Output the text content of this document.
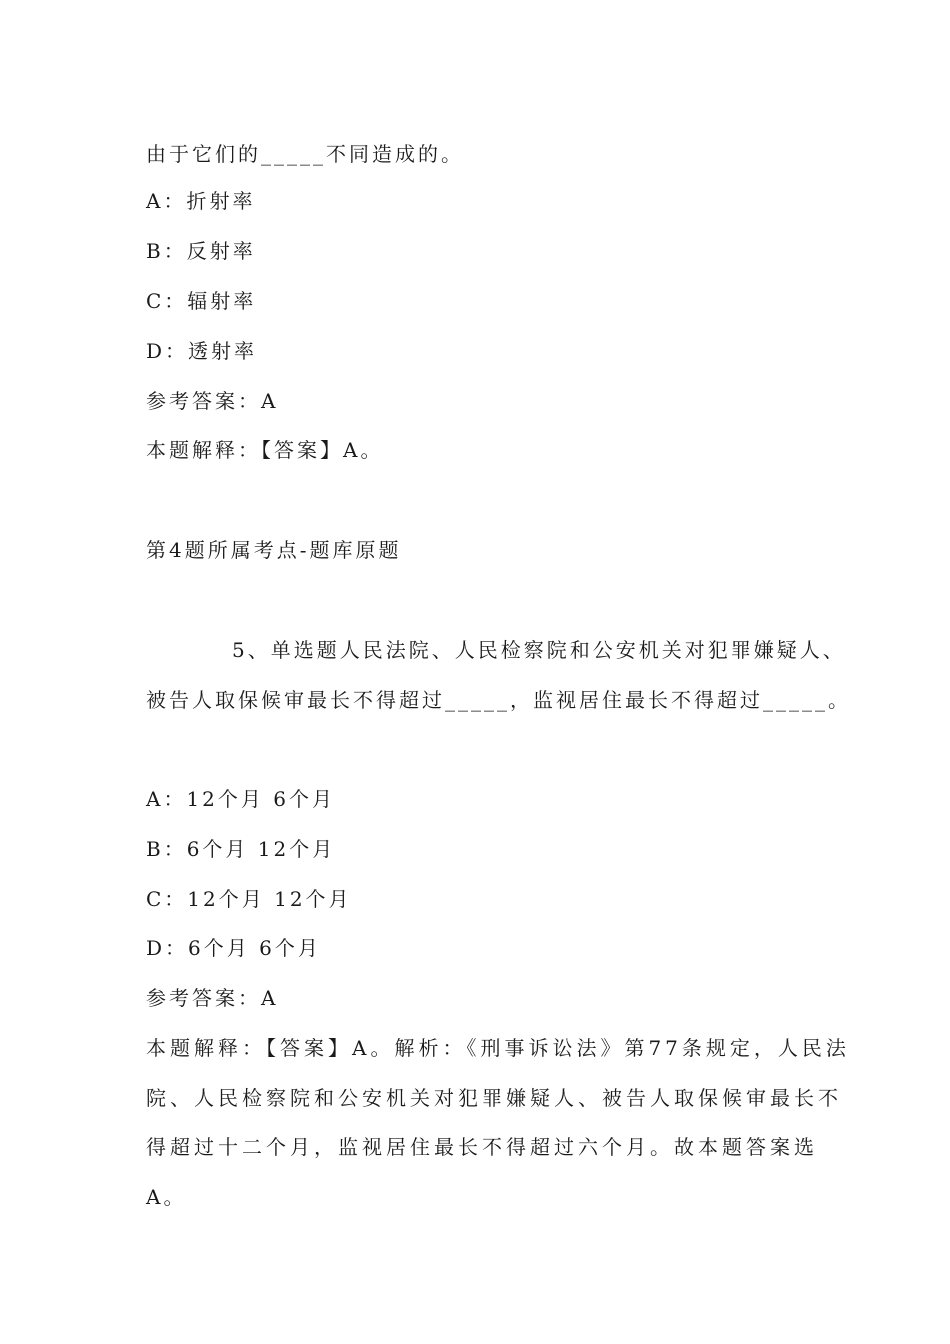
由于它们的_____不同造成的。

A：折射率

B：反射率

C：辐射率

D：透射率

参考答案：A

本题解释：【答案】A。

第4题所属考点-题库原题

5、单选题人民法院、人民检察院和公安机关对犯罪嫌疑人、

被告人取保候审最长不得超过_____，监视居住最长不得超过_____。

A：12个月 6个月

B：6个月 12个月

C：12个月 12个月

D：6个月 6个月

参考答案：A

本题解释：【答案】A。解析：《刑事诉讼法》第77条规定，人民法

院、人民检察院和公安机关对犯罪嫌疑人、被告人取保候审最长不

得超过十二个月，监视居住最长不得超过六个月。故本题答案选

A。
